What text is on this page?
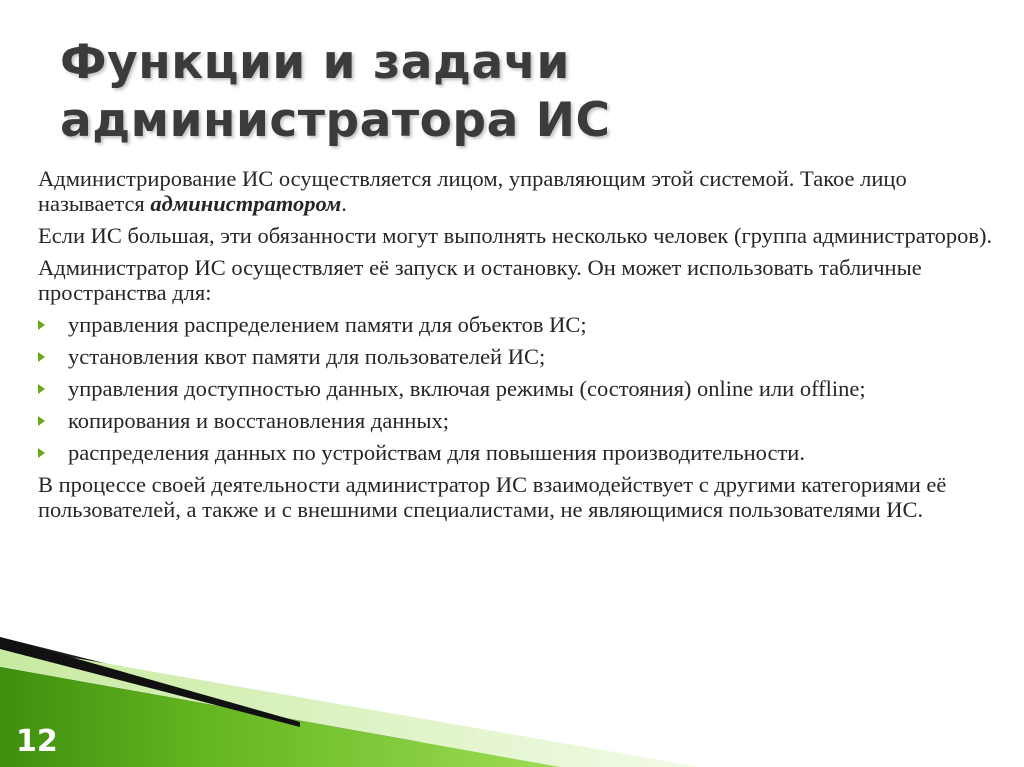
Функции и задачи администратора ИС
Администрирование ИС осуществляется лицом, управляющим этой системой. Такое лицо называется администратором.
Если ИС большая, эти обязанности могут выполнять несколько человек (группа администраторов).
Администратор ИС осуществляет её запуск и остановку. Он может использовать табличные пространства для:
управления распределением памяти для объектов ИС;
установления квот памяти для пользователей ИС;
управления доступностью данных, включая режимы (состояния) online или offline;
копирования и восстановления данных;
распределения данных по устройствам для повышения производительности.
В процессе своей деятельности администратор ИС взаимодействует с другими категориями её пользователей, а также и с внешними специалистами, не являющимися пользователями ИС.
12
